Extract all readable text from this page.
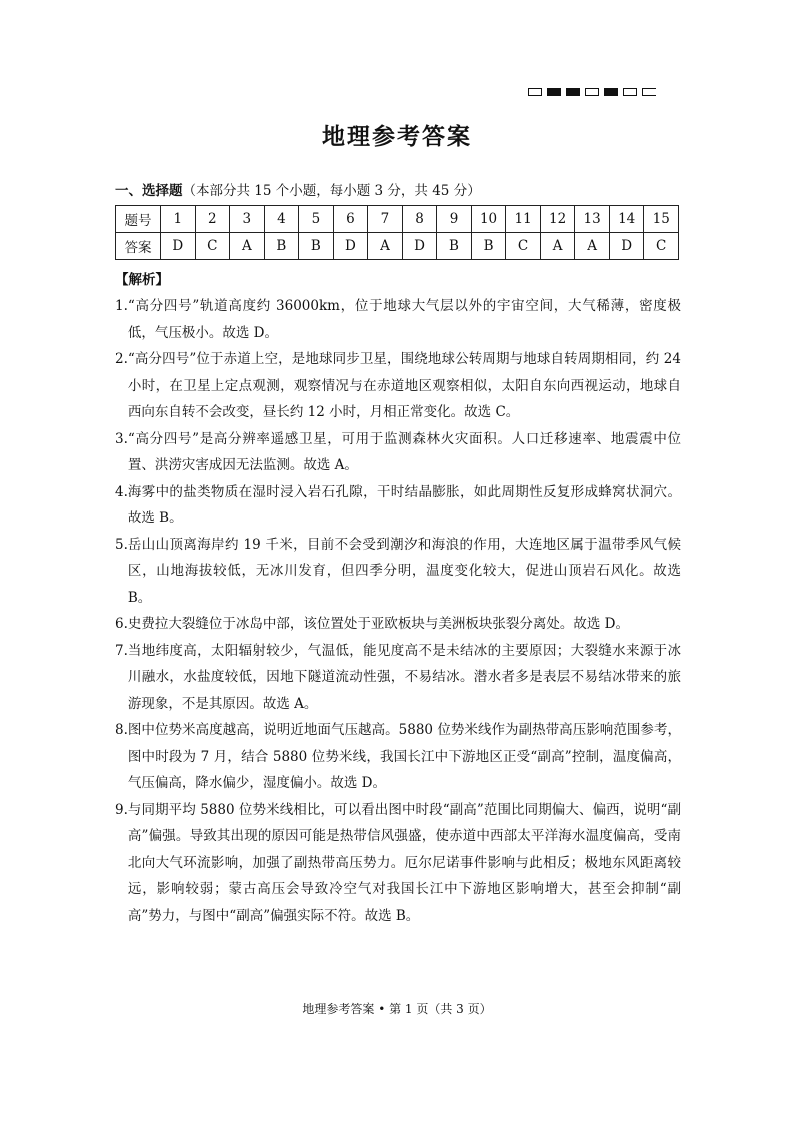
地理参考答案
一、选择题（本部分共 15 个小题，每小题 3 分，共 45 分）
题号	1	2	3	4	5	6	7	8	9	10	11	12	13	14	15
答案	D	C	A	B	B	D	A	D	B	B	C	A	A	D	C
【解析】
1. “高分四号”轨道高度约 36000km，位于地球大气层以外的宇宙空间，大气稀薄，密度极低，气压极小。故选 D。
2. “高分四号”位于赤道上空，是地球同步卫星，围绕地球公转周期与地球自转周期相同，约 24 小时，在卫星上定点观测，观察情况与在赤道地区观察相似，太阳自东向西视运动，地球自西向东自转不会改变，昼长约 12 小时，月相正常变化。故选 C。
3. “高分四号”是高分辨率遥感卫星，可用于监测森林火灾面积。人口迁移速率、地震震中位置、洪涝灾害成因无法监测。故选 A。
4. 海雾中的盐类物质在湿时浸入岩石孔隙，干时结晶膨胀，如此周期性反复形成蜂窝状洞穴。故选 B。
5. 岳山山顶离海岸约 19 千米，目前不会受到潮汐和海浪的作用，大连地区属于温带季风气候区，山地海拔较低，无冰川发育，但四季分明，温度变化较大，促进山顶岩石风化。故选 B。
6. 史费拉大裂缝位于冰岛中部，该位置处于亚欧板块与美洲板块张裂分离处。故选 D。
7. 当地纬度高，太阳辐射较少，气温低，能见度高不是未结冰的主要原因；大裂缝水来源于冰川融水，水盐度较低，因地下隧道流动性强，不易结冰。潜水者多是表层不易结冰带来的旅游现象，不是其原因。故选 A。
8. 图中位势米高度越高，说明近地面气压越高。5880 位势米线作为副热带高压影响范围参考，图中时段为 7 月，结合 5880 位势米线，我国长江中下游地区正受“副高”控制，温度偏高，气压偏高，降水偏少，湿度偏小。故选 D。
9. 与同期平均 5880 位势米线相比，可以看出图中时段“副高”范围比同期偏大、偏西，说明“副高”偏强。导致其出现的原因可能是热带信风强盛，使赤道中西部太平洋海水温度偏高，受南北向大气环流影响，加强了副热带高压势力。厄尔尼诺事件影响与此相反；极地东风距离较远，影响较弱；蒙古高压会导致冷空气对我国长江中下游地区影响增大，甚至会抑制“副高”势力，与图中“副高”偏强实际不符。故选 B。
地理参考答案 • 第 1 页（共 3 页）
